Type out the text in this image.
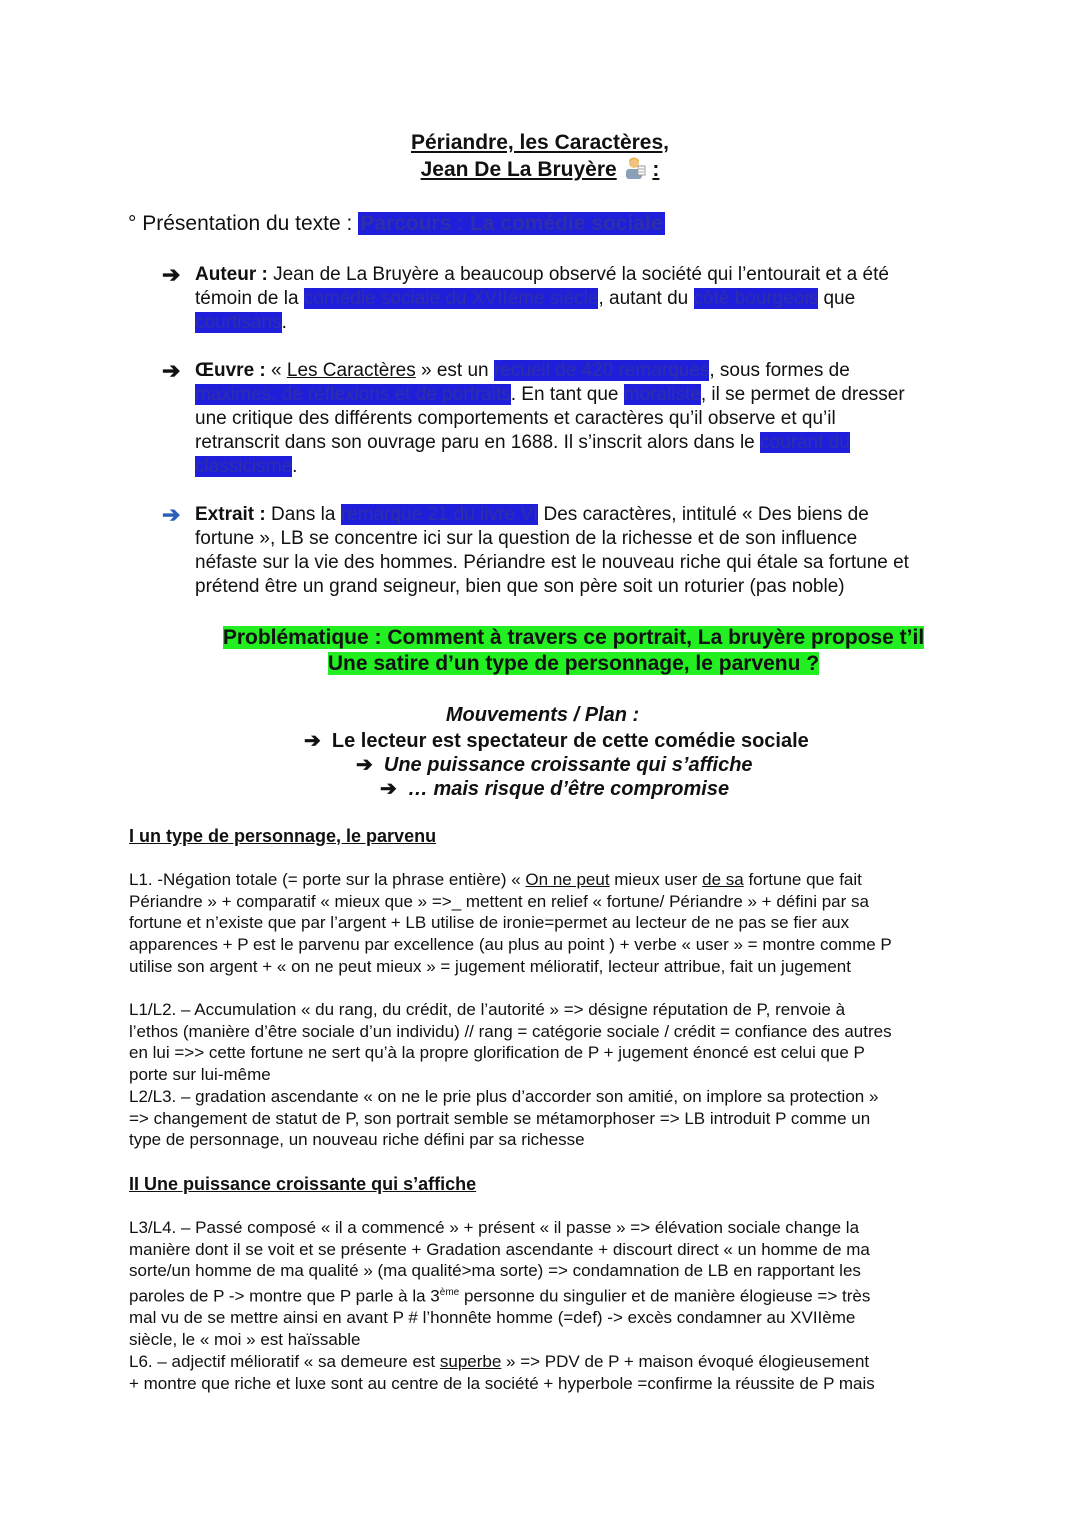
Périandre, les Caractères,
Jean De La Bruyère :
° Présentation du texte : Parcours : La comédie sociale
➔ Auteur : Jean de La Bruyère a beaucoup observé la société qui l’entourait et a été
témoin de la comédie sociale du XVIIème siècle, autant du côté bourgeois que
courtisans.
➔ Œuvre : « Les Caractères » est un recueil de 420 remarques, sous formes de
maximes, de réflexions et de portraits. En tant que moraliste, il se permet de dresser
une critique des différents comportements et caractères qu’il observe et qu’il
retranscrit dans son ouvrage paru en 1688. Il s’inscrit alors dans le courant du
classicisme.
➔ Extrait : Dans la remarque 21 du livre VI Des caractères, intitulé « Des biens de
fortune », LB se concentre ici sur la question de la richesse et de son influence
néfaste sur la vie des hommes. Périandre est le nouveau riche qui étale sa fortune et
prétend être un grand seigneur, bien que son père soit un roturier (pas noble)
Problématique : Comment à travers ce portrait, La bruyère propose t’il
Une satire d’un type de personnage, le parvenu ?
Mouvements / Plan :
➔ Le lecteur est spectateur de cette comédie sociale
➔ Une puissance croissante qui s’affiche
➔ … mais risque d’être compromise
I un type de personnage, le parvenu
L1. -Négation totale (= porte sur la phrase entière) « On ne peut mieux user de sa fortune que fait
Périandre » + comparatif « mieux que » =>_ mettent en relief « fortune/ Périandre » + défini par sa
fortune et n’existe que par l’argent + LB utilise de ironie=permet au lecteur de ne pas se fier aux
apparences + P est le parvenu par excellence (au plus au point ) + verbe « user » = montre comme P
utilise son argent + « on ne peut mieux » = jugement mélioratif, lecteur attribue, fait un jugement
L1/L2. – Accumulation « du rang, du crédit, de l’autorité » => désigne réputation de P, renvoie à
l’ethos (manière d’être sociale d’un individu) // rang = catégorie sociale / crédit = confiance des autres
en lui =>> cette fortune ne sert qu’à la propre glorification de P + jugement énoncé est celui que P
porte sur lui-même
L2/L3. – gradation ascendante « on ne le prie plus d’accorder son amitié, on implore sa protection »
=> changement de statut de P, son portrait semble se métamorphoser => LB introduit P comme un
type de personnage, un nouveau riche défini par sa richesse
II Une puissance croissante qui s’affiche
L3/L4. – Passé composé « il a commencé » + présent « il passe » => élévation sociale change la
manière dont il se voit et se présente + Gradation ascendante + discourt direct « un homme de ma
sorte/un homme de ma qualité » (ma qualité>ma sorte) => condamnation de LB en rapportant les
paroles de P -> montre que P parle à la 3ème personne du singulier et de manière élogieuse => très
mal vu de se mettre ainsi en avant P # l’honnête homme (=def) -> excès condamner au XVIIème
siècle, le « moi » est haïssable
L6. – adjectif mélioratif « sa demeure est superbe » => PDV de P + maison évoqué élogieusement
+ montre que riche et luxe sont au centre de la société + hyperbole =confirme la réussite de P mais
